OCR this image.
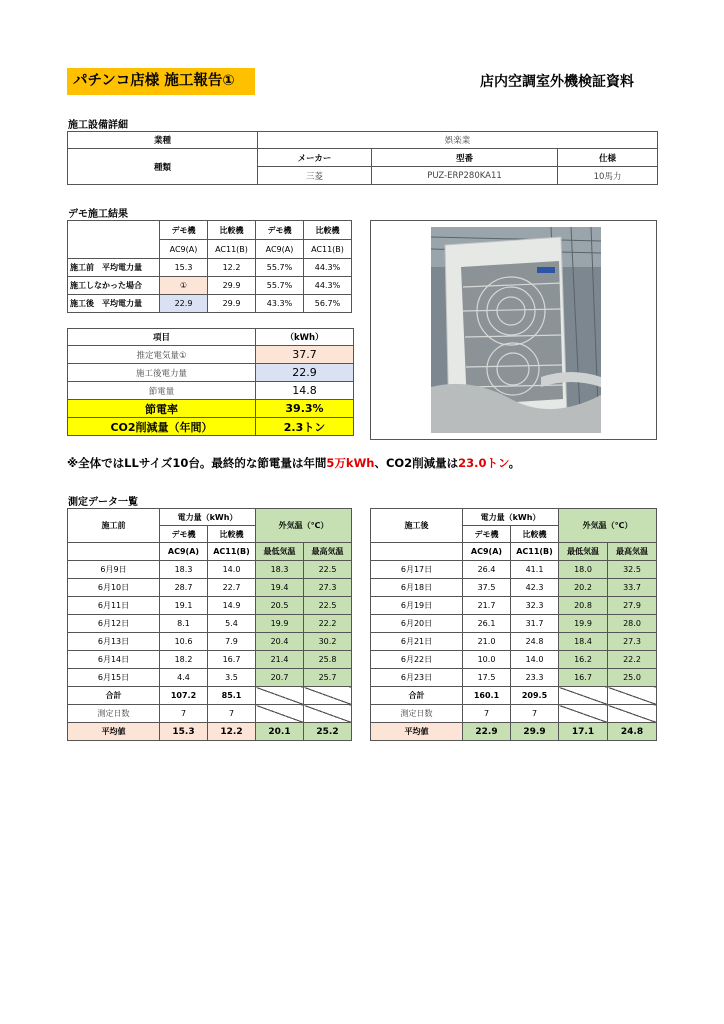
パチンコ店様 施工報告①	店内空調室外機検証資料
施工設備詳細
業種	娯楽業		
種類	メーカー	型番	仕様
	三菱	PUZ-ERP280KA11	10馬力
デモ施工結果
	デモ機	比較機	デモ機	比較機
	AC9(A)	AC11(B)	AC9(A)	AC11(B)
施工前　平均電力量	15.3	12.2	55.7%	44.3%
施工しなかった場合	①	29.9	55.7%	44.3%
施工後　平均電力量	22.9	29.9	43.3%	56.7%
項目	（kWh）
推定電気量①	37.7
施工後電力量	22.9
節電量	14.8
節電率	39.3%
CO2削減量（年間）	2.3トン
※全体ではLLサイズ10台。最終的な節電量は年間5万kWh、CO2削減量は23.0トン。
測定データ一覧
施工前	電力量（kWh）		外気温（℃）	
	デモ機	比較機		
	AC9(A)	AC11(B)	最低気温	最高気温
6月9日	18.3	14.0	18.3	22.5
6月10日	28.7	22.7	19.4	27.3
6月11日	19.1	14.9	20.5	22.5
6月12日	8.1	5.4	19.9	22.2
6月13日	10.6	7.9	20.4	30.2
6月14日	18.2	16.7	21.4	25.8
6月15日	4.4	3.5	20.7	25.7
合計	107.2	85.1		
測定日数	7	7		
平均値	15.3	12.2	20.1	25.2
施工後	電力量（kWh）		外気温（℃）	
	デモ機	比較機		
	AC9(A)	AC11(B)	最低気温	最高気温
6月17日	26.4	41.1	18.0	32.5
6月18日	37.5	42.3	20.2	33.7
6月19日	21.7	32.3	20.8	27.9
6月20日	26.1	31.7	19.9	28.0
6月21日	21.0	24.8	18.4	27.3
6月22日	10.0	14.0	16.2	22.2
6月23日	17.5	23.3	16.7	25.0
合計	160.1	209.5		
測定日数	7	7		
平均値	22.9	29.9	17.1	24.8
